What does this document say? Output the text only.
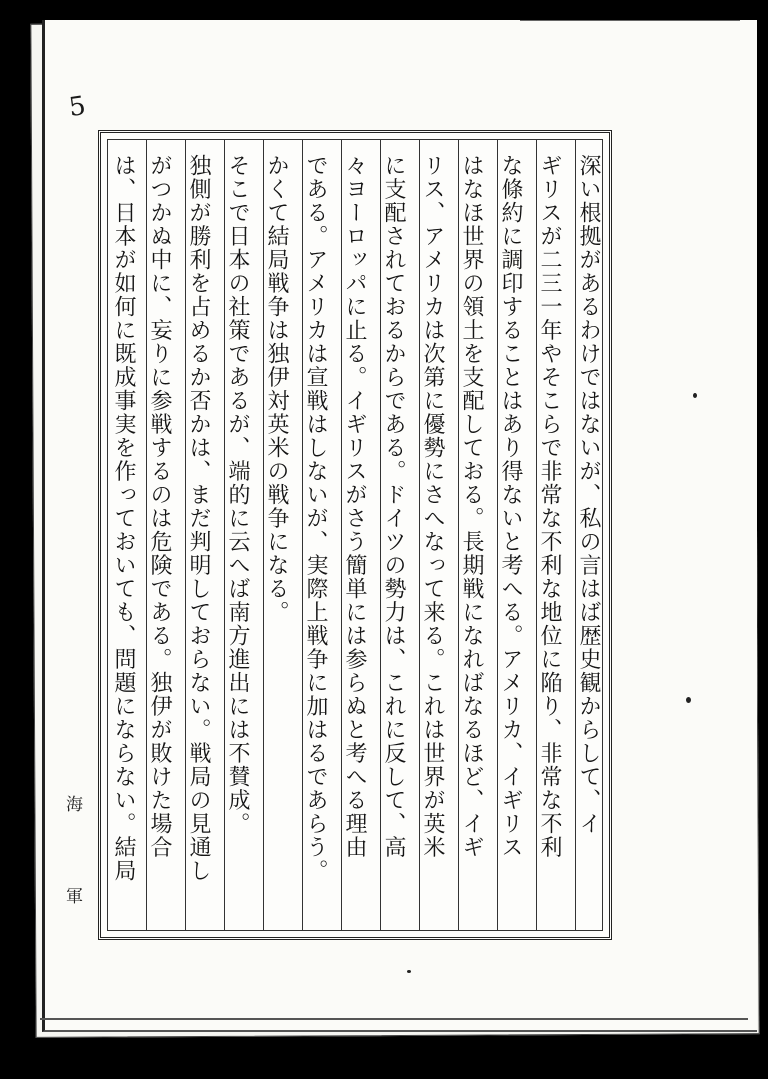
5
深い根拠があるわけではないが、私の言はば歴史観からして、イ
ギリスが二三一年やそこらで非常な不利な地位に陥り、非常な不利
な條約に調印することはあり得ないと考へる。アメリカ、イギリス
はなほ世界の領土を支配しておる。長期戦になればなるほど、イギ
リス、アメリカは次第に優勢にさへなって来る。これは世界が英米
に支配されておるからである。ドイツの勢力は、これに反して、高
々ヨーロッパに止る。イギリスがさう簡単には参らぬと考へる理由
である。アメリカは宣戦はしないが、実際上戦争に加はるであらう。
かくて結局戦争は独伊対英米の戦争になる。
そこで日本の社策であるが、端的に云へば南方進出には不賛成。
独側が勝利を占めるか否かは、まだ判明しておらない。戦局の見通し
がつかぬ中に、妄りに参戦するのは危険である。独伊が敗けた場合
は、日本が如何に既成事実を作っておいても、問題にならない。結局
海
軍
